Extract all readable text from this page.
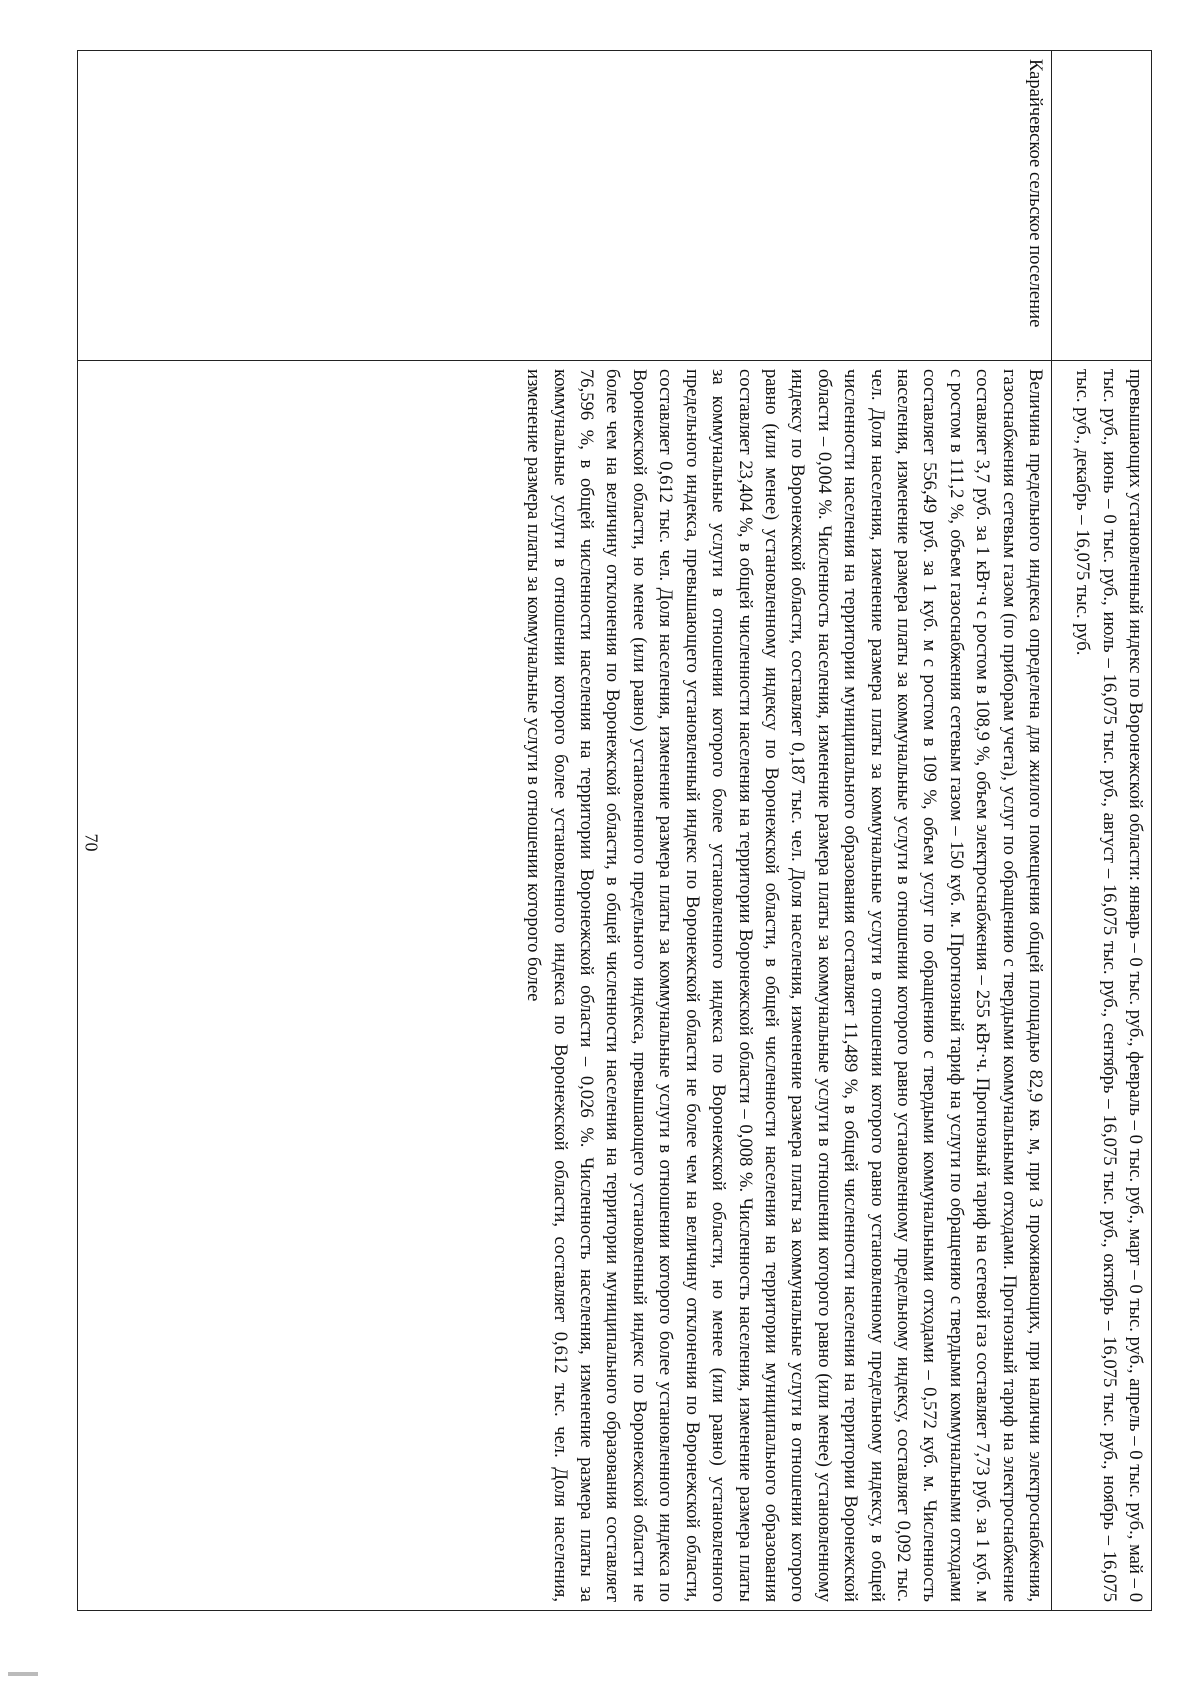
70

	превышающих установленный индекс по Воронежской области: январь – 0 тыс. руб., февраль – 0 тыс. руб., март – 0 тыс. руб., апрель – 0 тыс. руб., май – 0 тыс. руб., июнь – 0 тыс. руб., июль – 16,075 тыс. руб., август – 16,075 тыс. руб., сентябрь – 16,075 тыс. руб., октябрь – 16,075 тыс. руб., ноябрь – 16,075 тыс. руб., декабрь – 16,075 тыс. руб.

Карайчевское сельское поселение	Величина предельного индекса определена для жилого помещения общей площадью 82,9 кв. м, при 3 проживающих, при наличии электроснабжения, газоснабжения сетевым газом (по приборам учета), услуг по обращению с твердыми коммунальными отходами. Прогнозный тариф на электроснабжение составляет 3,7 руб. за 1 кВт·ч с ростом в 108,9 %, объем электроснабжения – 255 кВт·ч. Прогнозный тариф на сетевой газ составляет 7,73 руб. за 1 куб. м с ростом в 111,2 %, объем газоснабжения сетевым газом – 150 куб. м. Прогнозный тариф на услуги по обращению с твердыми коммунальными отходами составляет 556,49 руб. за 1 куб. м с ростом в 109 %, объем услуг по обращению с твердыми коммунальными отходами – 0,572 куб. м. Численность населения, изменение размера платы за коммунальные услуги в отношении которого равно установленному предельному индексу, составляет 0,092 тыс. чел. Доля населения, изменение размера платы за коммунальные услуги в отношении которого равно установленному предельному индексу, в общей численности населения на территории муниципального образования составляет 11,489 %, в общей численности населения на территории Воронежской области – 0,004 %. Численность населения, изменение размера платы за коммунальные услуги в отношении которого равно (или менее) установленному индексу по Воронежской области, составляет 0,187 тыс. чел. Доля населения, изменение размера платы за коммунальные услуги в отношении которого равно (или менее) установленному индексу по Воронежской области, в общей численности населения на территории муниципального образования составляет 23,404 %, в общей численности населения на территории Воронежской области – 0,008 %. Численность населения, изменение размера платы за коммунальные услуги в отношении которого более установленного индекса по Воронежской области, но менее (или равно) установленного предельного индекса, превышающего установленный индекс по Воронежской области не более чем на величину отклонения по Воронежской области, составляет 0,612 тыс. чел. Доля населения, изменение размера платы за коммунальные услуги в отношении которого более установленного индекса по Воронежской области, но менее (или равно) установленного предельного индекса, превышающего установленный индекс по Воронежской области не более чем на величину отклонения по Воронежской области, в общей численности населения на территории муниципального образования составляет 76,596 %, в общей численности населения на территории Воронежской области – 0,026 %. Численность населения, изменение размера платы за коммунальные услуги в отношении которого более установленного индекса по Воронежской области, составляет 0,612 тыс. чел. Доля населения, изменение размера платы за коммунальные услуги в отношении которого более
